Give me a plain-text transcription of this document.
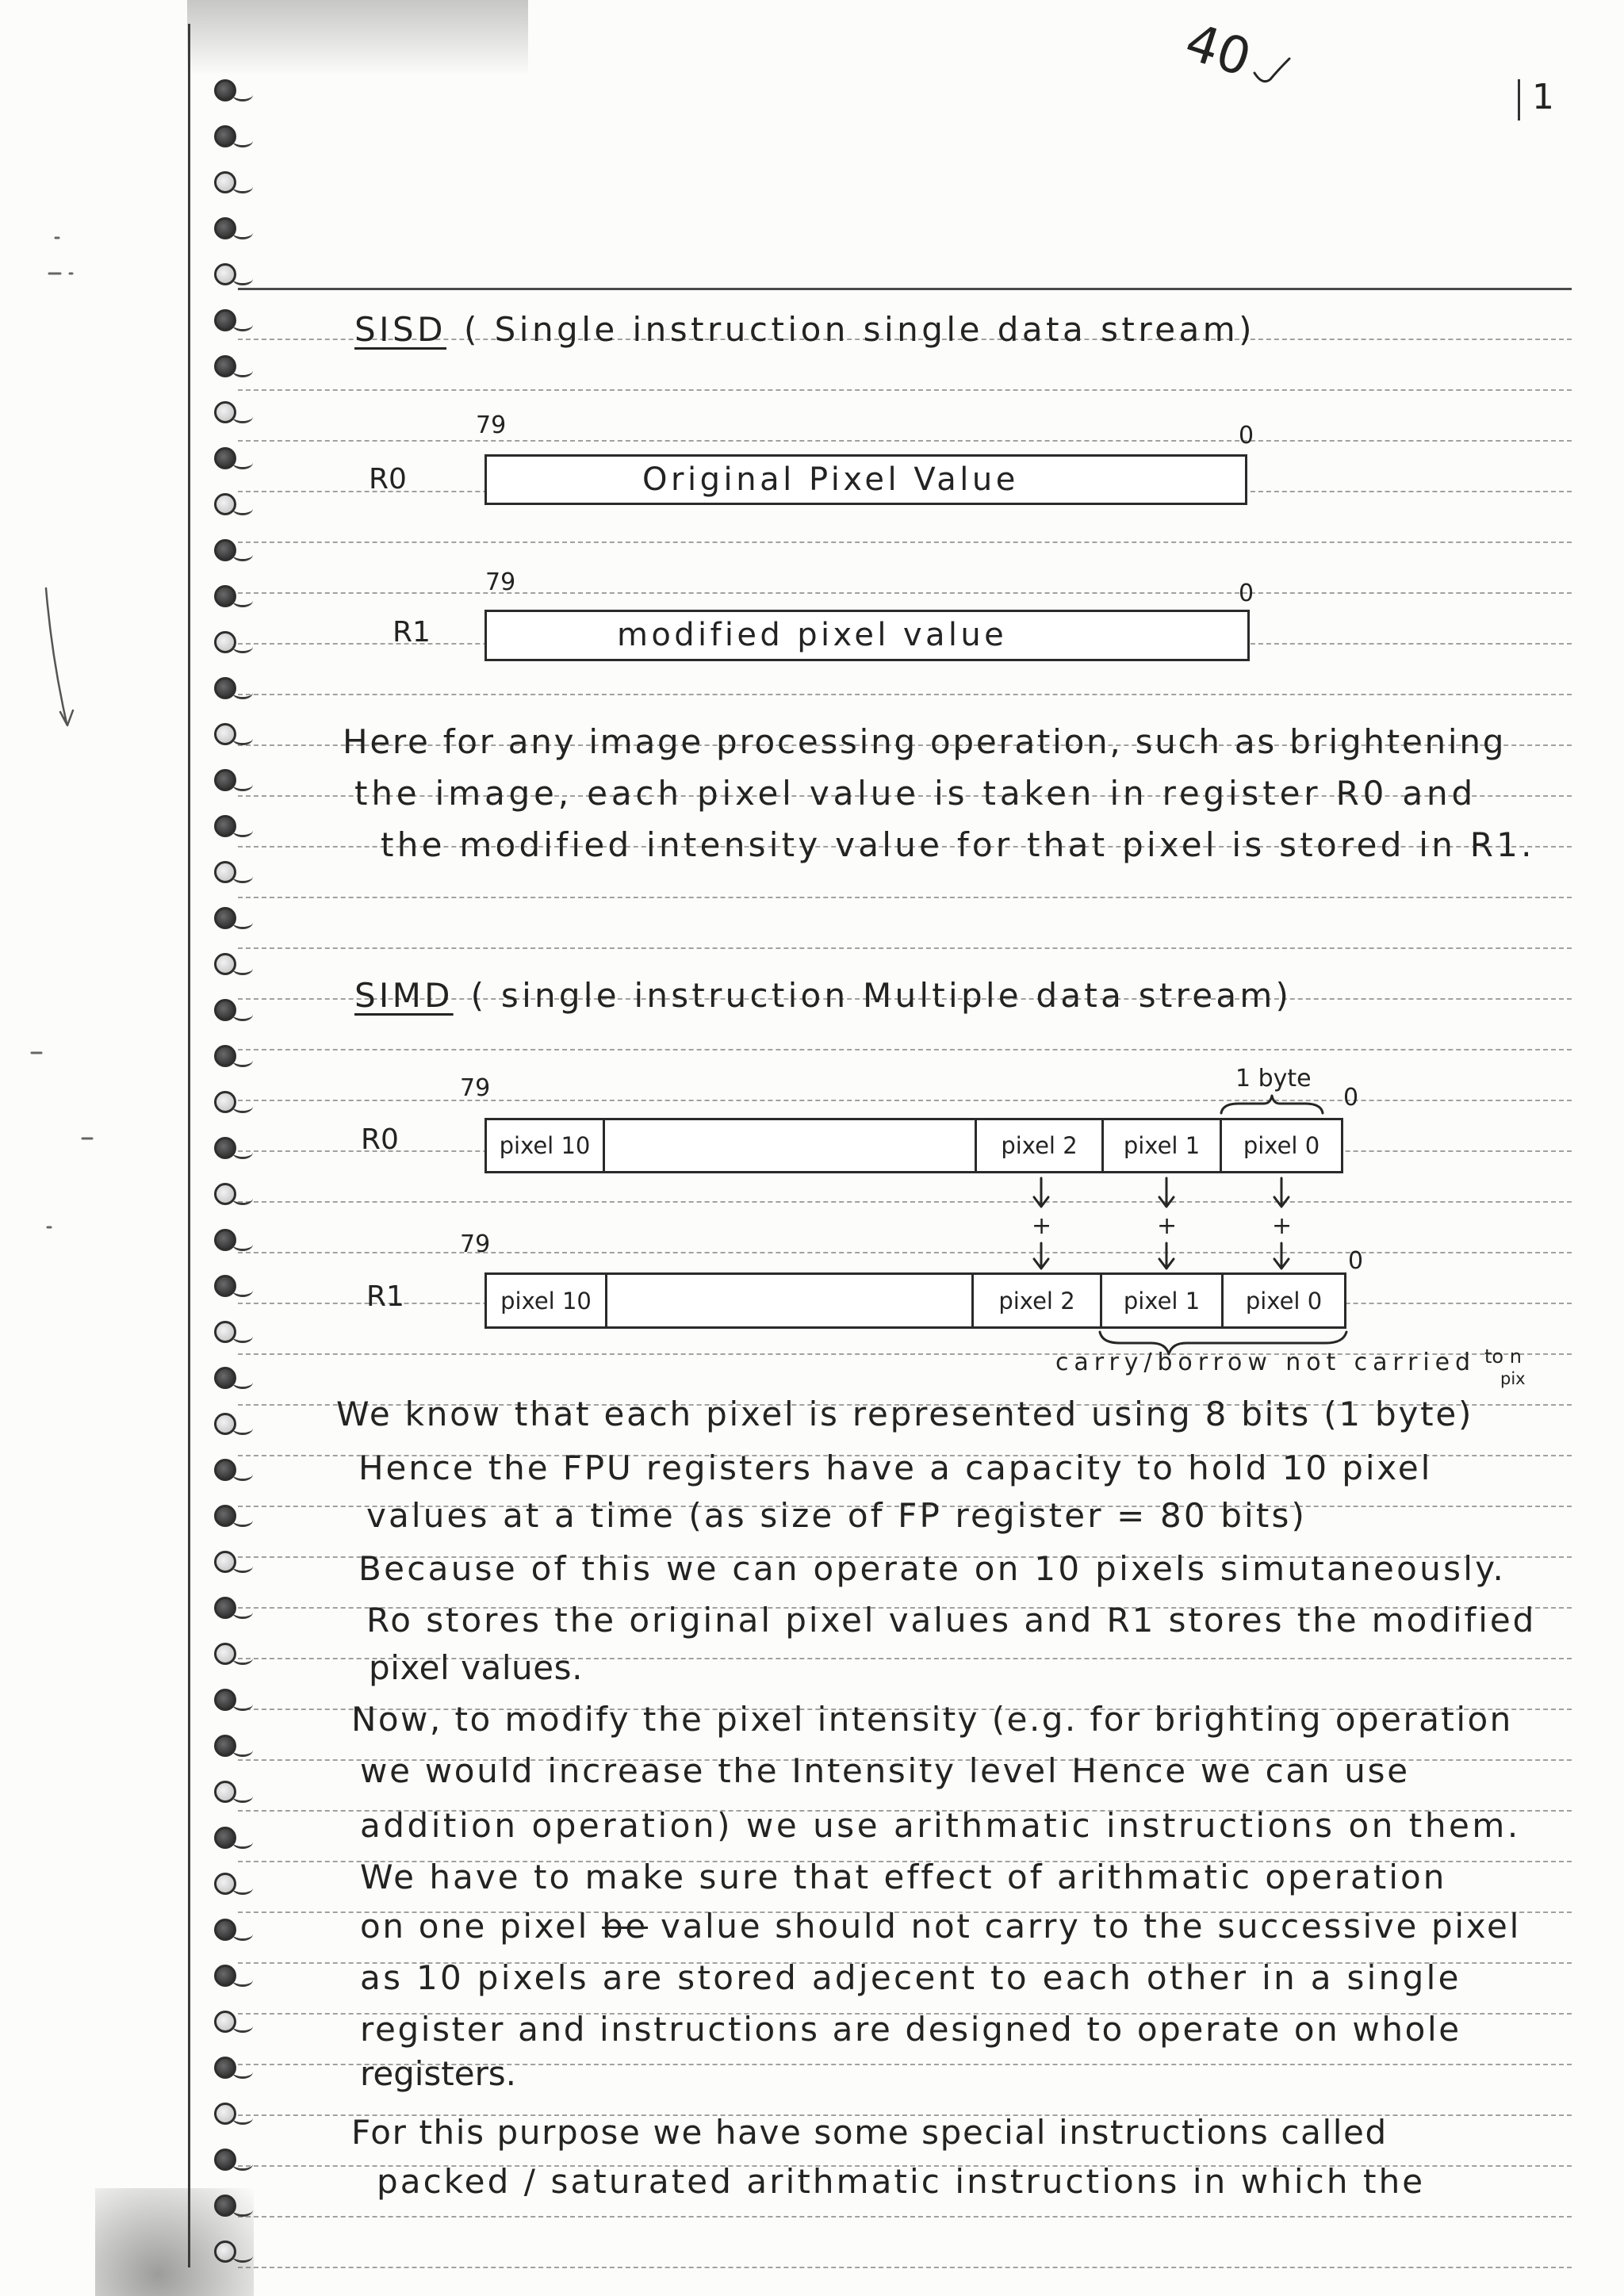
40
1
SISD ( Single instruction single data stream)
79	0
R0	Original Pixel Value
79	0
R1	modified pixel value
Here for any image processing operation, such as brightening
the image, each pixel value is taken in register R0 and
the modified intensity value for that pixel is stored in R1.
SIMD ( single instruction Multiple data stream)
79	1 byte
0
R0	pixel 10	pixel 2	pixel 1	pixel 0
+	+	+
79
0
R1	pixel 10	pixel 2	pixel 1	pixel 0
carry/borrow not carried to n
pix
We know that each pixel is represented using 8 bits (1 byte)
Hence the FPU registers have a capacity to hold 10 pixel
values at a time (as size of FP register = 80 bits)
Because of this we can operate on 10 pixels simutaneously.
Ro stores the original pixel values and R1 stores the modified
pixel values.
Now, to modify the pixel intensity (e.g. for brighting operation
we would increase the Intensity level Hence we can use
addition operation) we use arithmatic instructions on them.
We have to make sure that effect of arithmatic operation
on one pixel be value should not carry to the successive pixel
as 10 pixels are stored adjecent to each other in a single
register and instructions are designed to operate on whole
registers.
For this purpose we have some special instructions called
packed / saturated arithmatic instructions in which the
